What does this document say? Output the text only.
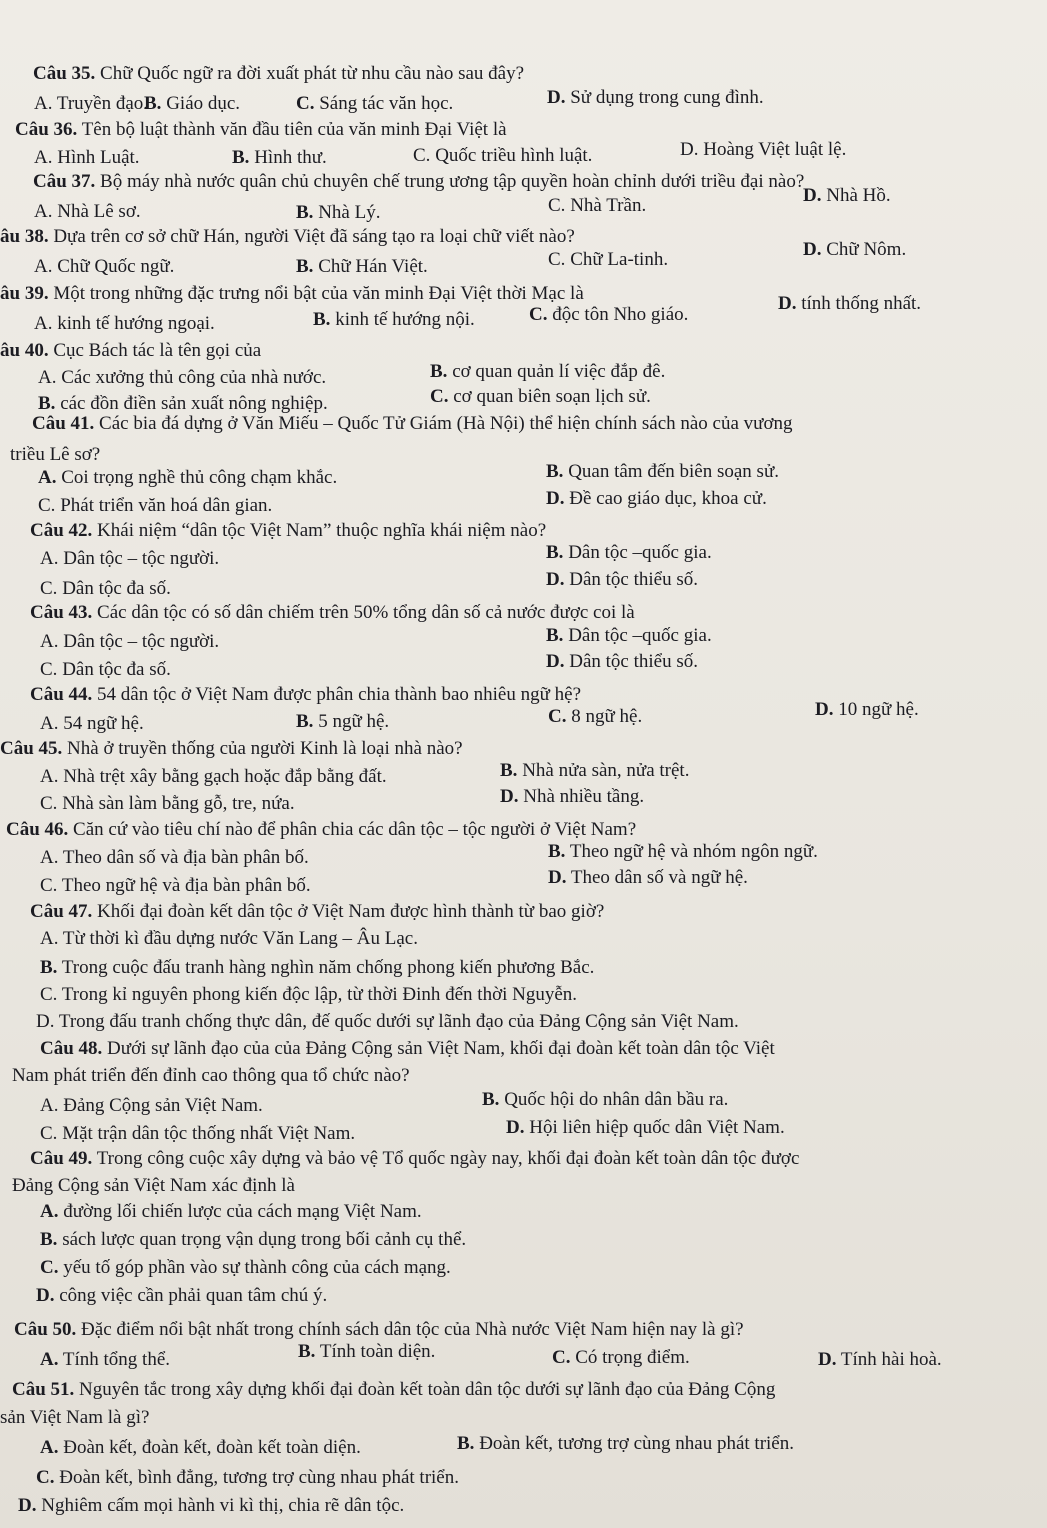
Câu 35. Chữ Quốc ngữ ra đời xuất phát từ nhu cầu nào sau đây?
A. Truyền đạo.
B. Giáo dục.	C. Sáng tác văn học.	D. Sử dụng trong cung đình.
Câu 36. Tên bộ luật thành văn đầu tiên của văn minh Đại Việt là
A. Hình Luật.	B. Hình thư.	C. Quốc triều hình luật.	D. Hoàng Việt luật lệ.
Câu 37. Bộ máy nhà nước quân chủ chuyên chế trung ương tập quyền hoàn chỉnh dưới triều đại nào?
A. Nhà Lê sơ.	B. Nhà Lý.	C. Nhà Trần.	D. Nhà Hồ.
âu 38. Dựa trên cơ sở chữ Hán, người Việt đã sáng tạo ra loại chữ viết nào?
A. Chữ Quốc ngữ.	B. Chữ Hán Việt.	C. Chữ La-tinh.	D. Chữ Nôm.
âu 39. Một trong những đặc trưng nổi bật của văn minh Đại Việt thời Mạc là
A. kinh tế hướng ngoại.	B. kinh tế hướng nội.	C. độc tôn Nho giáo.
D. tính thống nhất.
âu 40. Cục Bách tác là tên gọi của
A. Các xưởng thủ công của nhà nước.	B. cơ quan quản lí việc đắp đê.
B. các đồn điền sản xuất nông nghiệp.	C. cơ quan biên soạn lịch sử.
Câu 41. Các bia đá dựng ở Văn Miếu – Quốc Tử Giám (Hà Nội) thể hiện chính sách nào của vương
triều Lê sơ?
A. Coi trọng nghề thủ công chạm khắc.	B. Quan tâm đến biên soạn sử.
C. Phát triển văn hoá dân gian.	D. Đề cao giáo dục, khoa cử.
Câu 42. Khái niệm “dân tộc Việt Nam” thuộc nghĩa khái niệm nào?
A. Dân tộc – tộc người.	B. Dân tộc –quốc gia.
C. Dân tộc đa số.	D. Dân tộc thiểu số.
Câu 43. Các dân tộc có số dân chiếm trên 50% tổng dân số cả nước được coi là
A. Dân tộc – tộc người.	B. Dân tộc –quốc gia.
C. Dân tộc đa số.	D. Dân tộc thiểu số.
Câu 44. 54 dân tộc ở Việt Nam được phân chia thành bao nhiêu ngữ hệ?
A. 54 ngữ hệ.	B. 5 ngữ hệ.	C. 8 ngữ hệ.	D. 10 ngữ hệ.
Câu 45. Nhà ở truyền thống của người Kinh là loại nhà nào?
A. Nhà trệt xây bằng gạch hoặc đắp bằng đất.	B. Nhà nửa sàn, nửa trệt.
C. Nhà sàn làm bằng gỗ, tre, nứa.	D. Nhà nhiều tầng.
Câu 46. Căn cứ vào tiêu chí nào để phân chia các dân tộc – tộc người ở Việt Nam?
A. Theo dân số và địa bàn phân bố.	B. Theo ngữ hệ và nhóm ngôn ngữ.
C. Theo ngữ hệ và địa bàn phân bố.	D. Theo dân số và ngữ hệ.
Câu 47. Khối đại đoàn kết dân tộc ở Việt Nam được hình thành từ bao giờ?
A. Từ thời kì đầu dựng nước Văn Lang – Âu Lạc.
B. Trong cuộc đấu tranh hàng nghìn năm chống phong kiến phương Bắc.
C. Trong kỉ nguyên phong kiến độc lập, từ thời Đinh đến thời Nguyễn.
D. Trong đấu tranh chống thực dân, đế quốc dưới sự lãnh đạo của Đảng Cộng sản Việt Nam.
Câu 48. Dưới sự lãnh đạo của của Đảng Cộng sản Việt Nam, khối đại đoàn kết toàn dân tộc Việt
Nam phát triển đến đỉnh cao thông qua tổ chức nào?
A. Đảng Cộng sản Việt Nam.	B. Quốc hội do nhân dân bầu ra.
C. Mặt trận dân tộc thống nhất Việt Nam.	D. Hội liên hiệp quốc dân Việt Nam.
Câu 49. Trong công cuộc xây dựng và bảo vệ Tổ quốc ngày nay, khối đại đoàn kết toàn dân tộc được
Đảng Cộng sản Việt Nam xác định là
A. đường lối chiến lược của cách mạng Việt Nam.
B. sách lược quan trọng vận dụng trong bối cảnh cụ thể.
C. yếu tố góp phần vào sự thành công của cách mạng.
D. công việc cần phải quan tâm chú ý.
Câu 50. Đặc điểm nổi bật nhất trong chính sách dân tộc của Nhà nước Việt Nam hiện nay là gì?
A. Tính tổng thể.	B. Tính toàn diện.	C. Có trọng điểm.	D. Tính hài hoà.
Câu 51. Nguyên tắc trong xây dựng khối đại đoàn kết toàn dân tộc dưới sự lãnh đạo của Đảng Cộng
sản Việt Nam là gì?
A. Đoàn kết, đoàn kết, đoàn kết toàn diện.	B. Đoàn kết, tương trợ cùng nhau phát triển.
C. Đoàn kết, bình đẳng, tương trợ cùng nhau phát triển.
D. Nghiêm cấm mọi hành vi kì thị, chia rẽ dân tộc.
